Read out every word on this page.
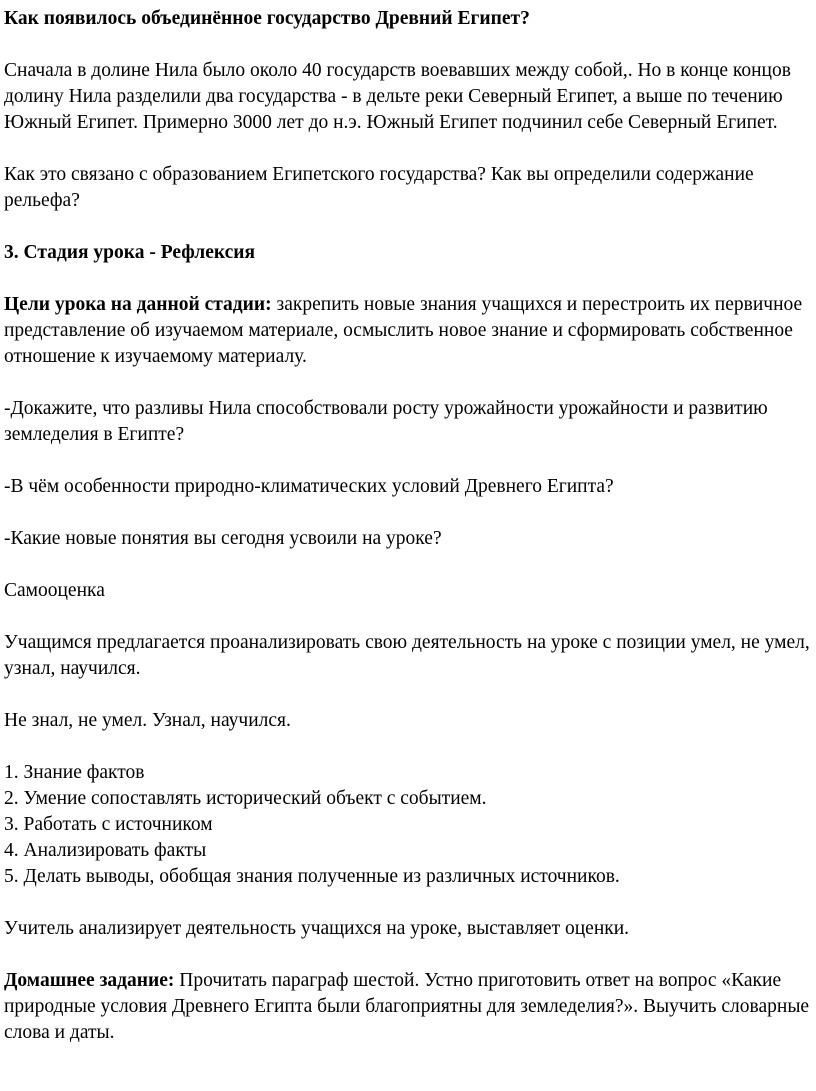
Как появилось объединённое государство Древний Египет?

Сначала в долине Нила было около 40 государств воевавших между собой,. Но в конце концов долину Нила разделили два государства - в дельте реки Северный Египет, а выше по течению Южный Египет. Примерно 3000 лет до н.э. Южный Египет подчинил себе Северный Египет.

Как это связано с образованием Египетского государства? Как вы определили содержание рельефа?

3. Стадия урока - Рефлексия

Цели урока на данной стадии: закрепить новые знания учащихся и перестроить их первичное представление об изучаемом материале, осмыслить новое знание и сформировать собственное отношение к изучаемому материалу.

-Докажите, что разливы Нила способствовали росту урожайности урожайности и развитию земледелия в Египте?

-В чём особенности природно-климатических условий Древнего Египта?

-Какие новые понятия вы сегодня усвоили на уроке?

Самооценка

Учащимся предлагается проанализировать свою деятельность на уроке с позиции умел, не умел, узнал, научился.

Не знал, не умел. Узнал, научился.

1. Знание фактов

2. Умение сопоставлять исторический объект с событием.

3. Работать с источником

4. Анализировать факты

5. Делать выводы, обобщая знания полученные из различных источников.

Учитель анализирует деятельность учащихся на уроке, выставляет оценки.

Домашнее задание: Прочитать параграф шестой. Устно приготовить ответ на вопрос «Какие природные условия Древнего Египта были благоприятны для земледелия?». Выучить словарные слова и даты.
